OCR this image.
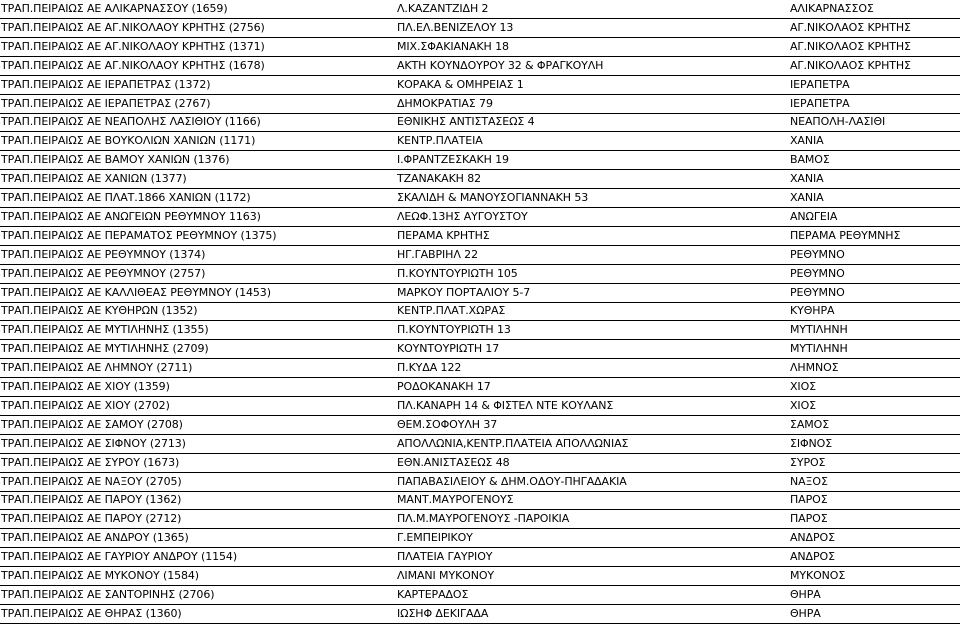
ΤΡΑΠ.ΠΕΙΡΑΙΩΣ ΑΕ ΑΛΙΚΑΡΝΑΣΣΟΥ (1659)	Λ.ΚΑΖΑΝΤΖΙΔΗ 2	ΑΛΙΚΑΡΝΑΣΣΟΣ
ΤΡΑΠ.ΠΕΙΡΑΙΩΣ ΑΕ ΑΓ.ΝΙΚΟΛΑΟΥ ΚΡΗΤΗΣ (2756)	ΠΛ.ΕΛ.ΒΕΝΙΖΕΛΟΥ 13	ΑΓ.ΝΙΚΟΛΑΟΣ ΚΡΗΤΗΣ
ΤΡΑΠ.ΠΕΙΡΑΙΩΣ ΑΕ ΑΓ.ΝΙΚΟΛΑΟΥ ΚΡΗΤΗΣ (1371)	ΜΙΧ.ΣΦΑΚΙΑΝΑΚΗ 18	ΑΓ.ΝΙΚΟΛΑΟΣ ΚΡΗΤΗΣ
ΤΡΑΠ.ΠΕΙΡΑΙΩΣ ΑΕ ΑΓ.ΝΙΚΟΛΑΟΥ ΚΡΗΤΗΣ (1678)	ΑΚΤΗ ΚΟΥΝΔΟΥΡΟΥ 32 & ΦΡΑΓΚΟΥΛΗ	ΑΓ.ΝΙΚΟΛΑΟΣ ΚΡΗΤΗΣ
ΤΡΑΠ.ΠΕΙΡΑΙΩΣ ΑΕ ΙΕΡΑΠΕΤΡΑΣ (1372)	ΚΟΡΑΚΑ & ΟΜΗΡΕΙΑΣ 1	ΙΕΡΑΠΕΤΡΑ
ΤΡΑΠ.ΠΕΙΡΑΙΩΣ ΑΕ ΙΕΡΑΠΕΤΡΑΣ (2767)	ΔΗΜΟΚΡΑΤΙΑΣ 79	ΙΕΡΑΠΕΤΡΑ
ΤΡΑΠ.ΠΕΙΡΑΙΩΣ ΑΕ ΝΕΑΠΟΛΗΣ ΛΑΣΙΘΙΟΥ (1166)	ΕΘΝΙΚΗΣ ΑΝΤΙΣΤΑΣΕΩΣ 4	ΝΕΑΠΟΛΗ-ΛΑΣΙΘΙ
ΤΡΑΠ.ΠΕΙΡΑΙΩΣ ΑΕ ΒΟΥΚΟΛΙΩΝ ΧΑΝΙΩΝ (1171)	ΚΕΝΤΡ.ΠΛΑΤΕΙΑ	ΧΑΝΙΑ
ΤΡΑΠ.ΠΕΙΡΑΙΩΣ ΑΕ ΒΑΜΟΥ ΧΑΝΙΩΝ (1376)	Ι.ΦΡΑΝΤΖΕΣΚΑΚΗ 19	ΒΑΜΟΣ
ΤΡΑΠ.ΠΕΙΡΑΙΩΣ ΑΕ ΧΑΝΙΩΝ (1377)	ΤΖΑΝΑΚΑΚΗ 82	ΧΑΝΙΑ
ΤΡΑΠ.ΠΕΙΡΑΙΩΣ ΑΕ ΠΛΑΤ.1866 ΧΑΝΙΩΝ (1172)	ΣΚΑΛΙΔΗ & ΜΑΝΟΥΣΟΓΙΑΝΝΑΚΗ 53	ΧΑΝΙΑ
ΤΡΑΠ.ΠΕΙΡΑΙΩΣ ΑΕ ΑΝΩΓΕΙΩΝ ΡΕΘΥΜΝΟΥ 1163)	ΛΕΩΦ.13ΗΣ ΑΥΓΟΥΣΤΟΥ	ΑΝΩΓΕΙΑ
ΤΡΑΠ.ΠΕΙΡΑΙΩΣ ΑΕ ΠΕΡΑΜΑΤΟΣ ΡΕΘΥΜΝΟΥ (1375)	ΠΕΡΑΜΑ ΚΡΗΤΗΣ	ΠΕΡΑΜΑ ΡΕΘΥΜΝΗΣ
ΤΡΑΠ.ΠΕΙΡΑΙΩΣ ΑΕ ΡΕΘΥΜΝΟΥ (1374)	ΗΓ.ΓΑΒΡΙΗΛ 22	ΡΕΘΥΜΝΟ
ΤΡΑΠ.ΠΕΙΡΑΙΩΣ ΑΕ ΡΕΘΥΜΝΟΥ (2757)	Π.ΚΟΥΝΤΟΥΡΙΩΤΗ 105	ΡΕΘΥΜΝΟ
ΤΡΑΠ.ΠΕΙΡΑΙΩΣ ΑΕ ΚΑΛΛΙΘΕΑΣ ΡΕΘΥΜΝΟΥ (1453)	ΜΑΡΚΟΥ ΠΟΡΤΑΛΙΟΥ 5-7	ΡΕΘΥΜΝΟ
ΤΡΑΠ.ΠΕΙΡΑΙΩΣ ΑΕ ΚΥΘΗΡΩΝ (1352)	ΚΕΝΤΡ.ΠΛΑΤ.ΧΩΡΑΣ	ΚΥΘΗΡΑ
ΤΡΑΠ.ΠΕΙΡΑΙΩΣ ΑΕ ΜΥΤΙΛΗΝΗΣ (1355)	Π.ΚΟΥΝΤΟΥΡΙΩΤΗ 13	ΜΥΤΙΛΗΝΗ
ΤΡΑΠ.ΠΕΙΡΑΙΩΣ ΑΕ ΜΥΤΙΛΗΝΗΣ (2709)	ΚΟΥΝΤΟΥΡΙΩΤΗ 17	ΜΥΤΙΛΗΝΗ
ΤΡΑΠ.ΠΕΙΡΑΙΩΣ ΑΕ ΛΗΜΝΟΥ (2711)	Π.ΚΥΔΑ 122	ΛΗΜΝΟΣ
ΤΡΑΠ.ΠΕΙΡΑΙΩΣ ΑΕ ΧΙΟΥ (1359)	ΡΟΔΟΚΑΝΑΚΗ 17	ΧΙΟΣ
ΤΡΑΠ.ΠΕΙΡΑΙΩΣ ΑΕ ΧΙΟΥ (2702)	ΠΛ.ΚΑΝΑΡΗ 14 & ΦΙΣΤΕΛ ΝΤΕ ΚΟΥΛΑΝΣ	ΧΙΟΣ
ΤΡΑΠ.ΠΕΙΡΑΙΩΣ ΑΕ ΣΑΜΟΥ (2708)	ΘΕΜ.ΣΟΦΟΥΛΗ 37	ΣΑΜΟΣ
ΤΡΑΠ.ΠΕΙΡΑΙΩΣ ΑΕ ΣΙΦΝΟΥ (2713)	ΑΠΟΛΛΩΝΙΑ,ΚΕΝΤΡ.ΠΛΑΤΕΙΑ ΑΠΟΛΛΩΝΙΑΣ	ΣΙΦΝΟΣ
ΤΡΑΠ.ΠΕΙΡΑΙΩΣ ΑΕ ΣΥΡΟΥ (1673)	ΕΘΝ.ΑΝΙΣΤΑΣΕΩΣ 48	ΣΥΡΟΣ
ΤΡΑΠ.ΠΕΙΡΑΙΩΣ ΑΕ ΝΑΞΟΥ (2705)	ΠΑΠΑΒΑΣΙΛΕΙΟΥ & ΔΗΜ.ΟΔΟΥ-ΠΗΓΑΔΑΚΙΑ	ΝΑΞΟΣ
ΤΡΑΠ.ΠΕΙΡΑΙΩΣ ΑΕ ΠΑΡΟΥ (1362)	ΜΑΝΤ.ΜΑΥΡΟΓΕΝΟΥΣ	ΠΑΡΟΣ
ΤΡΑΠ.ΠΕΙΡΑΙΩΣ ΑΕ ΠΑΡΟΥ (2712)	ΠΛ.Μ.ΜΑΥΡΟΓΕΝΟΥΣ -ΠΑΡΟΙΚΙΑ	ΠΑΡΟΣ
ΤΡΑΠ.ΠΕΙΡΑΙΩΣ ΑΕ ΑΝΔΡΟΥ (1365)	Γ.ΕΜΠΕΙΡΙΚΟΥ	ΑΝΔΡΟΣ
ΤΡΑΠ.ΠΕΙΡΑΙΩΣ ΑΕ ΓΑΥΡΙΟΥ ΑΝΔΡΟΥ (1154)	ΠΛΑΤΕΙΑ ΓΑΥΡΙΟΥ	ΑΝΔΡΟΣ
ΤΡΑΠ.ΠΕΙΡΑΙΩΣ ΑΕ ΜΥΚΟΝΟΥ (1584)	ΛΙΜΑΝΙ ΜΥΚΟΝΟΥ	ΜΥΚΟΝΟΣ
ΤΡΑΠ.ΠΕΙΡΑΙΩΣ ΑΕ ΣΑΝΤΟΡΙΝΗΣ (2706)	ΚΑΡΤΕΡΑΔΟΣ	ΘΗΡΑ
ΤΡΑΠ.ΠΕΙΡΑΙΩΣ ΑΕ ΘΗΡΑΣ (1360)	ΙΩΣΗΦ ΔΕΚΙΓΑΔΑ	ΘΗΡΑ
